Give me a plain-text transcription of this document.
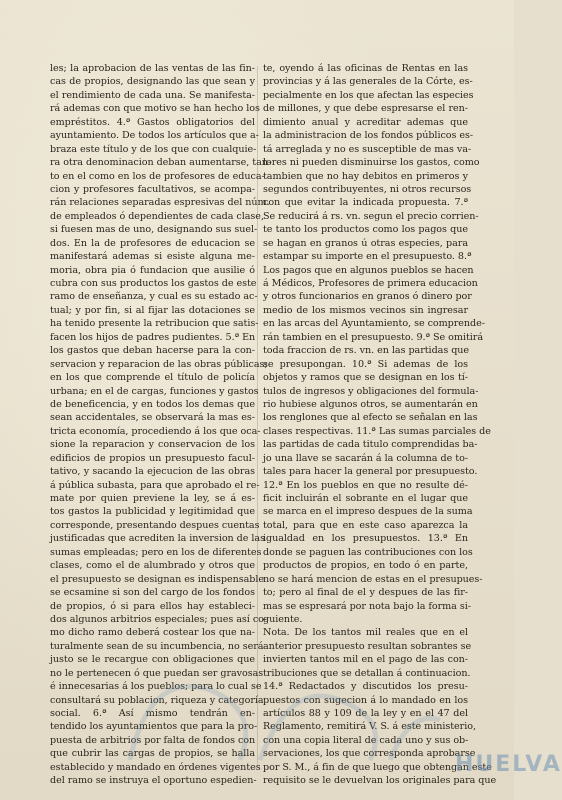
les; la aprobacion de las ventas de las fin-
cas de propios, designando las que sean y
el rendimiento de cada una. Se manifesta-
rá ademas con que motivo se han hecho los
empréstitos. 4.ª Gastos obligatorios del
ayuntamiento. De todos los artículos que a-
braza este título y de los que con cualquie-
ra otra denominacion deban aumentarse, tan-
to en el como en los de profesores de educa-
cion y profesores facultativos, se acompa-
rán relaciones separadas espresivas del núm.
de empleados ó dependientes de cada clase,
si fuesen mas de uno, designando sus suel-
dos. En la de profesores de educacion se
manifestará ademas si esiste alguna me-
moria, obra pia ó fundacion que ausilie ó
cubra con sus productos los gastos de este
ramo de enseñanza, y cual es su estado ac-
tual; y por fin, si al fijar las dotaciones se
ha tenido presente la retribucion que satis-
facen los hijos de padres pudientes. 5.ª En
los gastos que deban hacerse para la con-
servacion y reparacion de las obras públicas;
en los que comprende el título de policía
urbana; en el de cargas, funciones y gastos
de beneficencia, y en todos los demas que
sean accidentales, se observará la mas es-
tricta economía, procediendo á los que oca-
sione la reparacion y conservacion de los
edificios de propios un presupuesto facul-
tativo, y sacando la ejecucion de las obras
á pública subasta, para que aprobado el re-
mate por quien previene la ley, se á es-
tos gastos la publicidad y legitimidad que
corresponde, presentando despues cuentas
justificadas que acrediten la inversion de las
sumas empleadas; pero en los de diferentes
clases, como el de alumbrado y otros que
el presupuesto se designan es indispensable
se ecsamine si son del cargo de los fondos
de propios, ó si para ellos hay estableci-
dos algunos arbitrios especiales; pues así co-
mo dicho ramo deberá costear los que na-
turalmente sean de su incumbencia, no será
justo se le recargue con obligaciones que
no le pertenecen ó que puedan ser gravosas
é innecesarias á los pueblos; para lo cual se
consultará su poblacion, riqueza y categoría
social. 6.ª Así mismo tendrán en-
tendido los ayuntamientos que para la pro-
puesta de arbitrios por falta de fondos con
que cubrir las cargas de propios, se halla
establecido y mandado en órdenes vigentes
del ramo se instruya el oportuno espedien-
te, oyendo á las oficinas de Rentas en las
provincias y á las generales de la Córte, es-
pecialmente en los que afectan las especies
de millones, y que debe espresarse el ren-
dimiento anual y acreditar ademas que
la administracion de los fondos públicos es-
tá arreglada y no es susceptible de mas va-
lores ni pueden disminuirse los gastos, como
tambien que no hay debitos en primeros y
segundos contribuyentes, ni otros recursos
con que evitar la indicada propuesta. 7.ª
Se reducirá á rs. vn. segun el precio corrien-
te tanto los productos como los pagos que
se hagan en granos ú otras especies, para
estampar su importe en el presupuesto. 8.ª
Los pagos que en algunos pueblos se hacen
á Médicos, Profesores de primera educacion
y otros funcionarios en granos ó dinero por
medio de los mismos vecinos sin ingresar
en las arcas del Ayuntamiento, se comprende-
rán tambien en el presupuesto. 9.ª Se omitirá
toda fraccion de rs. vn. en las partidas que
se presupongan. 10.ª Si ademas de los
objetos y ramos que se designan en los tí-
tulos de ingresos y obligaciones del formula-
rio hubiese algunos otros, se aumentarán en
los renglones que al efecto se señalan en las
clases respectivas. 11.ª Las sumas parciales de
las partidas de cada titulo comprendidas ba-
jo una llave se sacarán á la columna de to-
tales para hacer la general por presupuesto.
12.ª En los pueblos en que no resulte dé-
ficit incluirán el sobrante en el lugar que
se marca en el impreso despues de la suma
total, para que en este caso aparezca la
igualdad en los presupuestos. 13.ª En
donde se paguen las contribuciones con los
productos de propios, en todo ó en parte,
no se hará mencion de estas en el presupues-
to; pero al final de el y despues de las fir-
mas se espresará por nota bajo la forma si-
guiente.
Nota. De los tantos mil reales que en el
anterior presupuesto resultan sobrantes se
invierten tantos mil en el pago de las con-
tribuciones que se detallan á continuacion.
14.ª Redactados y discutidos los presu-
puestos con sugecion á lo mandado en los
artículos 88 y 109 de la ley y en el 47 del
Reglamento, remitirá V. S. á este ministerio,
con una copia literal de cada uno y sus ob-
servaciones, los que corresponda aprobarse
por S. M., á fin de que luego que obtengan este
requisito se le devuelvan los originales para que
HUELVA
